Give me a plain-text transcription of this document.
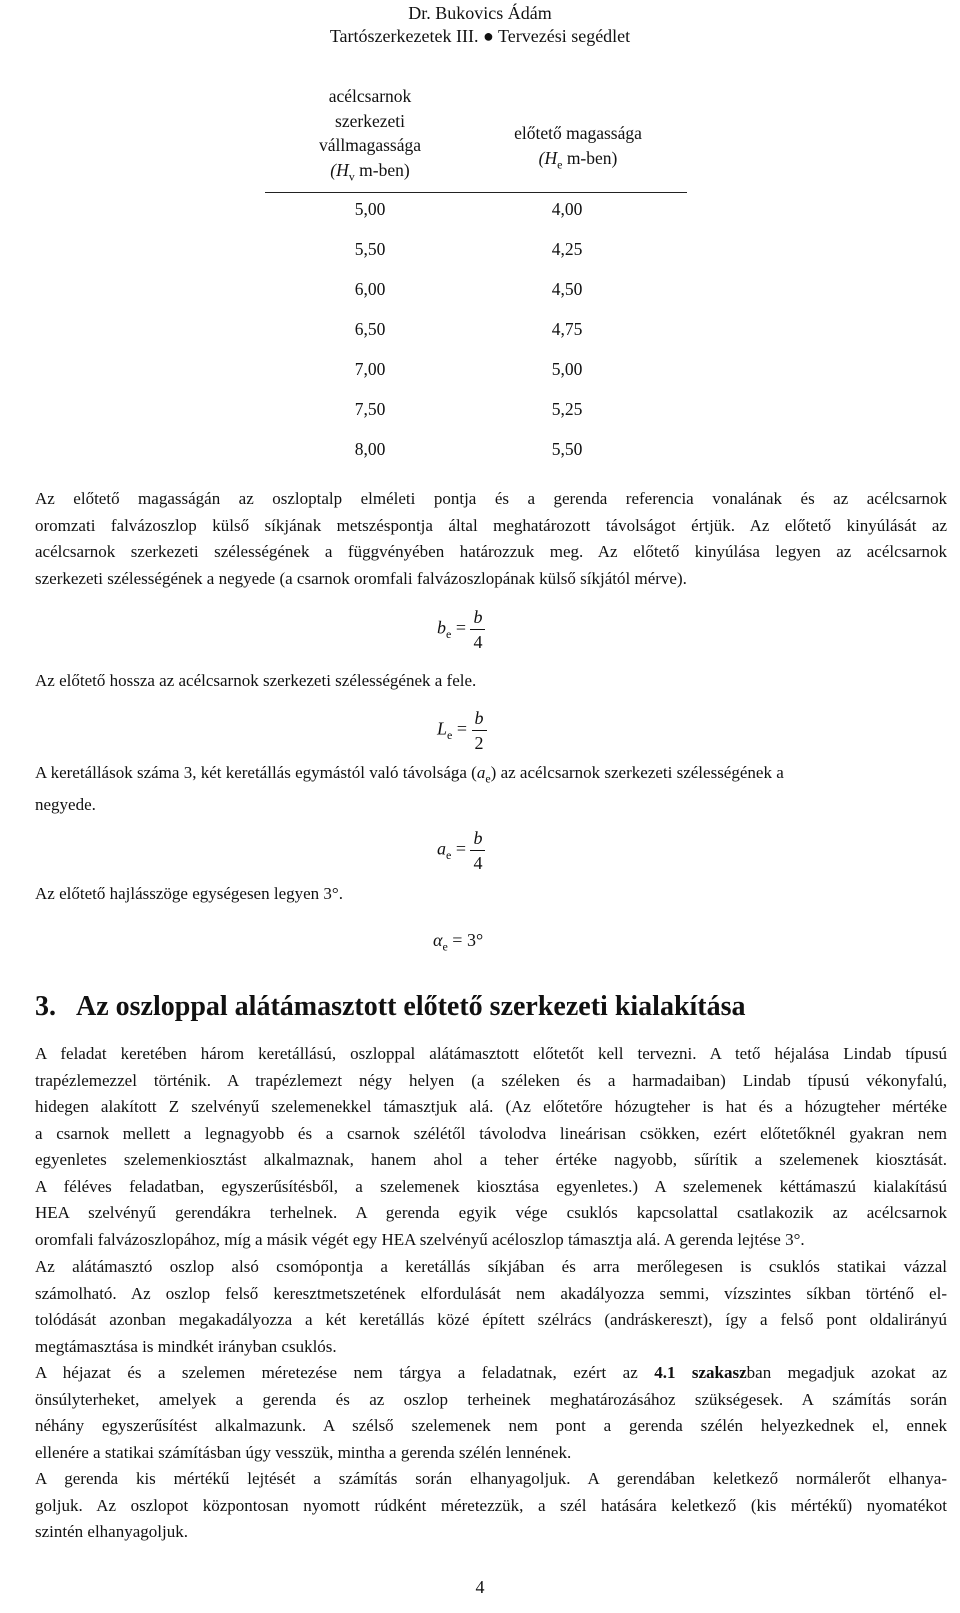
Dr. Bukovics Ádám
Tartószerkezetek III. ● Tervezési segédlet
acélcsarnok
szerkezeti
vállmagassága
($H_v$ m-ben)
előtető magassága
($H_e$ m-ben)
5,00	4,00
5,50	4,25
6,00	4,50
6,50	4,75
7,00	5,00
7,50	5,25
8,00	5,50
Az előtető magasságán az oszloptalp elméleti pontja és a gerenda referencia vonalának és az acélcsarnok
oromzati falvázoszlop külső síkjának metszéspontja által meghatározott távolságot értjük. Az előtető kinyúlását az
acélcsarnok szerkezeti szélességének a függvényében határozzuk meg. Az előtető kinyúlása legyen az acélcsarnok
szerkezeti szélességének a negyede (a csarnok oromfali falvázoszlopának külső síkjától mérve).
$b_e = \frac{b}{4}$
Az előtető hossza az acélcsarnok szerkezeti szélességének a fele.
$L_e = \frac{b}{2}$
A keretállások száma 3, két keretállás egymástól való távolsága $(a_e)$ az acélcsarnok szerkezeti szélességének a
negyede.
$a_e = \frac{b}{4}$
Az előtető hajlásszöge egységesen legyen 3°.
$\alpha_e = 3^\circ$
3. Az oszloppal alátámasztott előtető szerkezeti kialakítása
A feladat keretében három keretállású, oszloppal alátámasztott előtetőt kell tervezni. A tető héjalása Lindab típusú
trapézlemezzel történik. A trapézlemezt négy helyen (a széleken és a harmadaiban) Lindab típusú vékonyfalú,
hidegen alakított Z szelvényű szelemenekkel támasztjuk alá. (Az előtetőre hózugteher is hat és a hózugteher mértéke
a csarnok mellett a legnagyobb és a csarnok szélétől távolodva lineárisan csökken, ezért előtetőknél gyakran nem
egyenletes szelemenkiosztást alkalmaznak, hanem ahol a teher értéke nagyobb, sűrítik a szelemenek kiosztását.
A féléves feladatban, egyszerűsítésből, a szelemenek kiosztása egyenletes.) A szelemenek kéttámaszú kialakítású
HEA szelvényű gerendákra terhelnek. A gerenda egyik vége csuklós kapcsolattal csatlakozik az acélcsarnok
oromfali falvázoszlopához, míg a másik végét egy HEA szelvényű acéloszlop támasztja alá. A gerenda lejtése 3°.
Az alátámasztó oszlop alsó csomópontja a keretállás síkjában és arra merőlegesen is csuklós statikai vázzal
számolható. Az oszlop felső keresztmetszetének elfordulását nem akadályozza semmi, vízszintes síkban történő el-
tolódását azonban megakadályozza a két keretállás közé épített szélrács (andráskereszt), így a felső pont oldalirányú
megtámasztása is mindkét irányban csuklós.
A héjazat és a szelemen méretezése nem tárgya a feladatnak, ezért az 4.1 szakaszban megadjuk azokat az
önsúlyterheket, amelyek a gerenda és az oszlop terheinek meghatározásához szükségesek. A számítás során
néhány egyszerűsítést alkalmazunk. A szélső szelemenek nem pont a gerenda szélén helyezkednek el, ennek
ellenére a statikai számításban úgy vesszük, mintha a gerenda szélén lennének.
A gerenda kis mértékű lejtését a számítás során elhanyagoljuk. A gerendában keletkező normálerőt elhanya-
goljuk. Az oszlopot központosan nyomott rúdként méretezzük, a szél hatására keletkező (kis mértékű) nyomatékot
szintén elhanyagoljuk.
4
